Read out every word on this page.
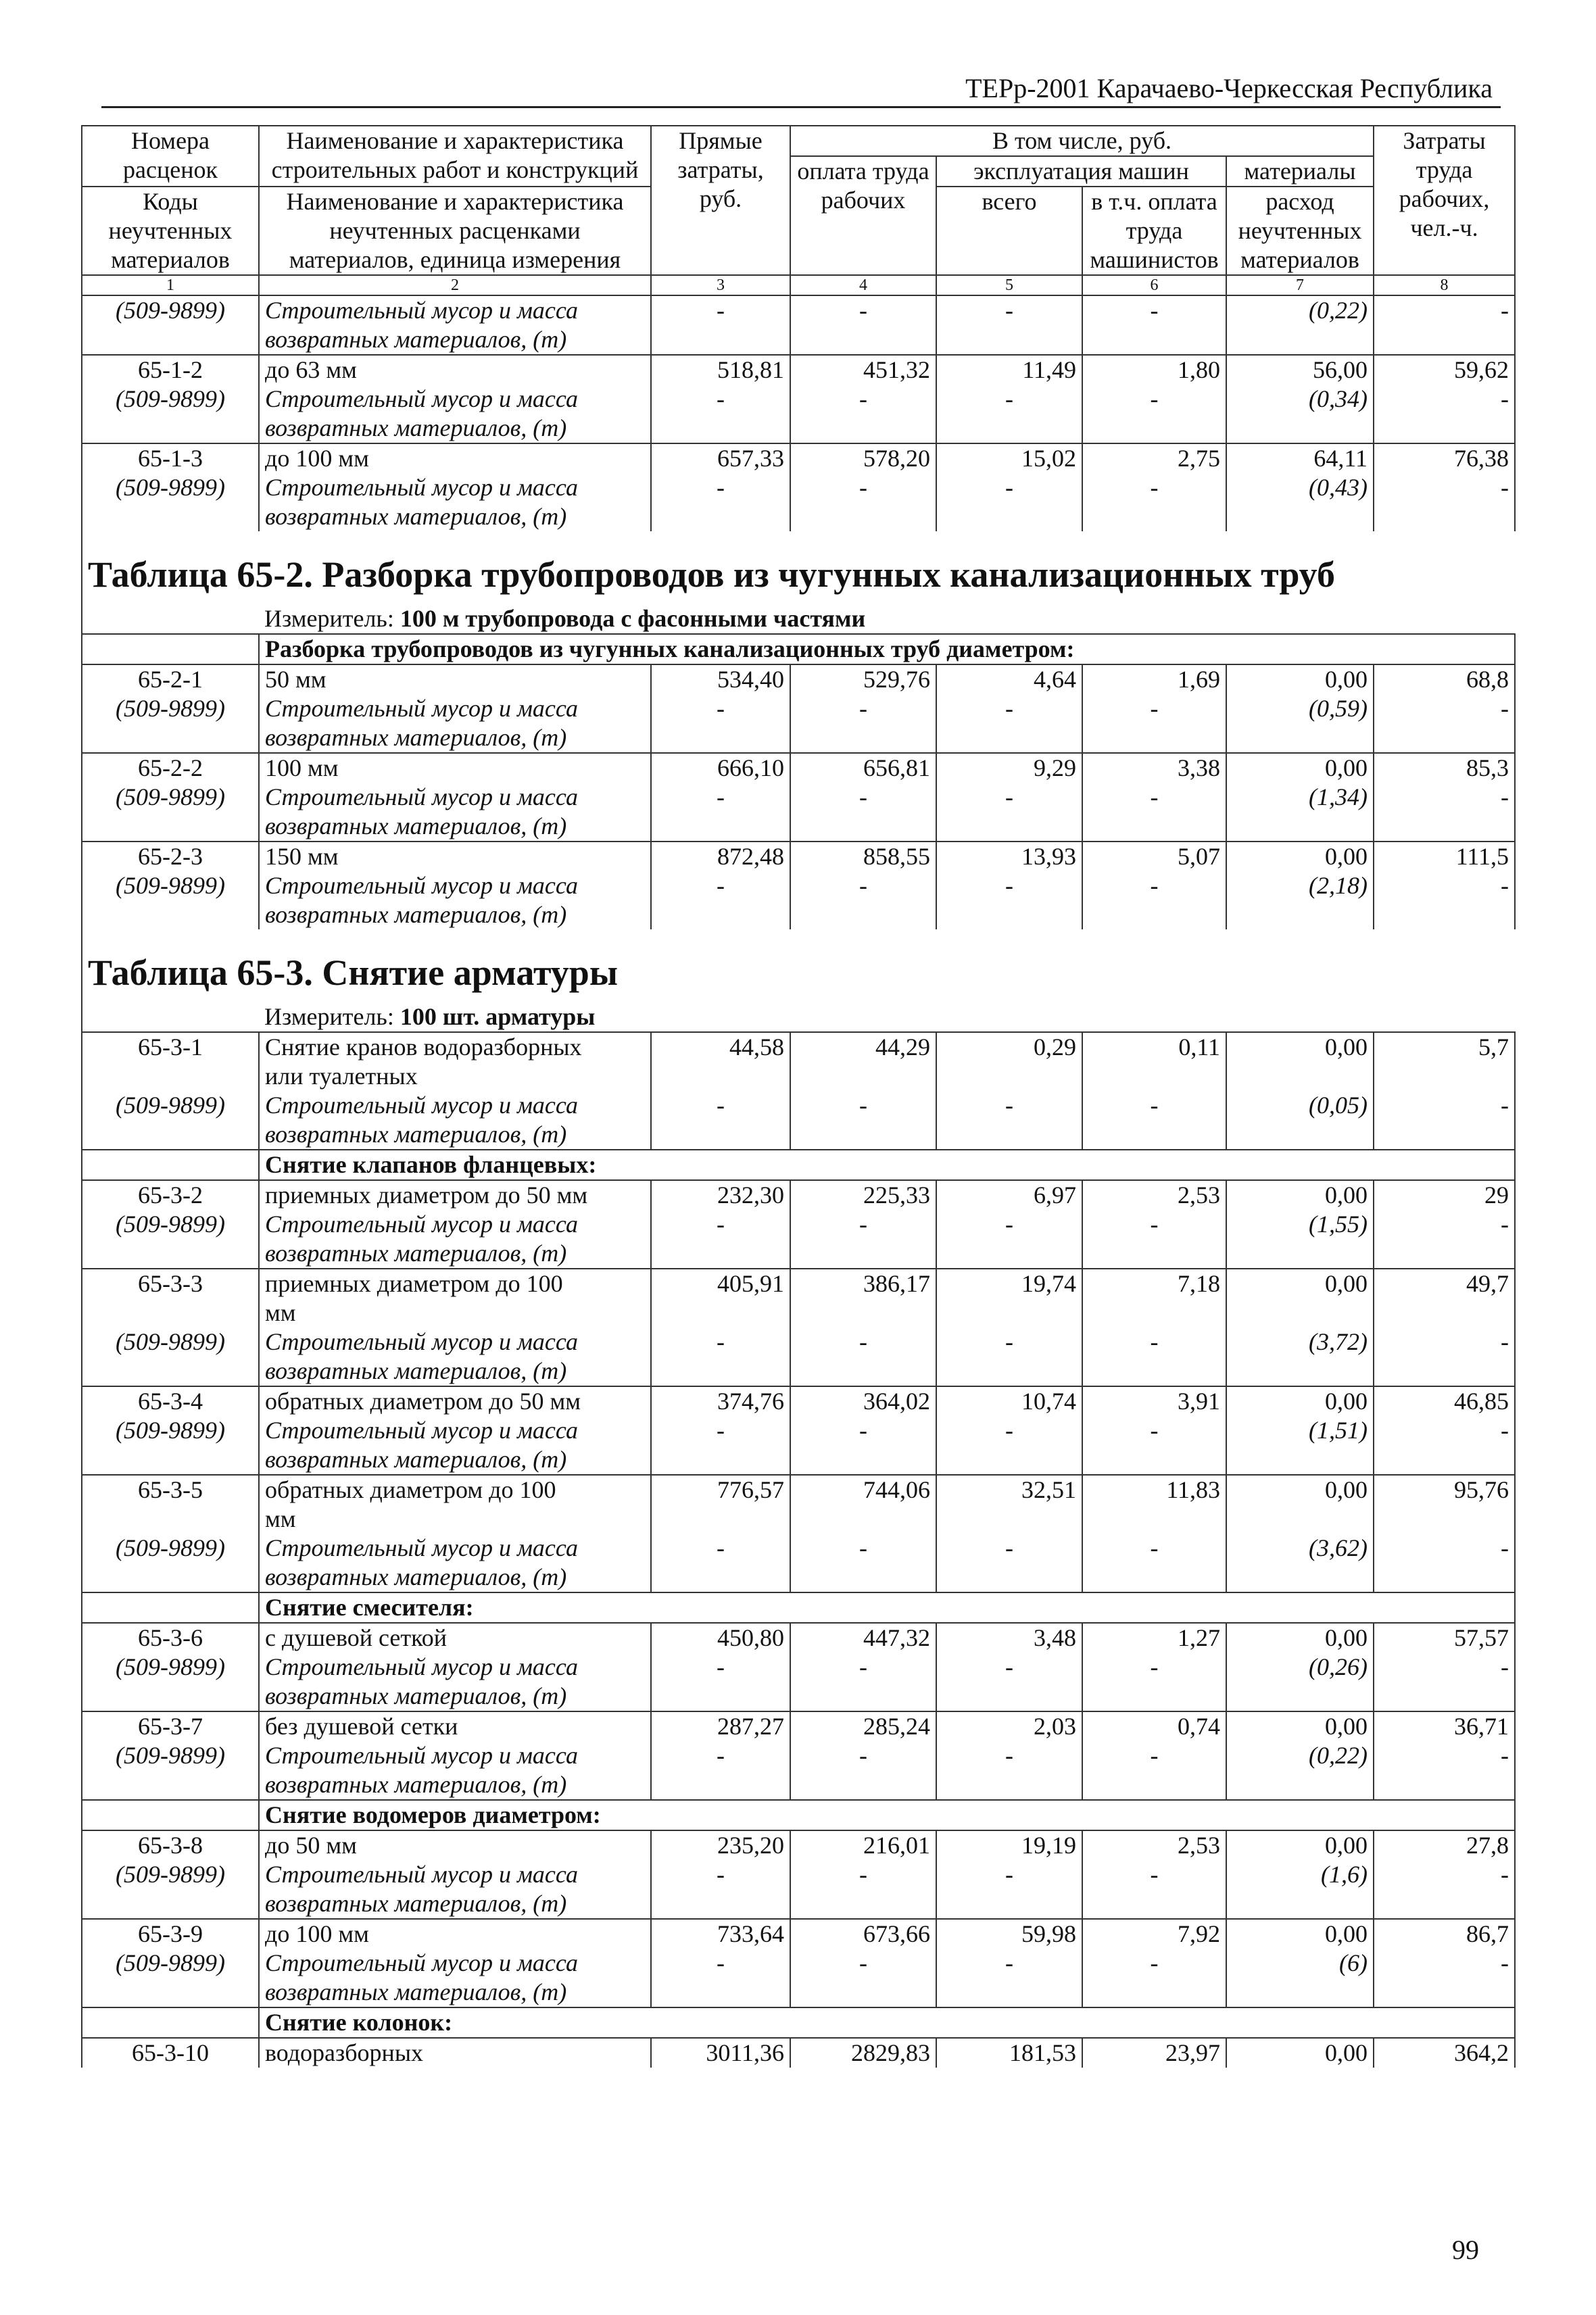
ТЕРр-2001 Карачаево-Черкесская Республика
Номера расценок	Наименование и характеристика строительных работ и конструкций	Прямые затраты, руб.	В том числе, руб.				Затраты труда рабочих, чел.-ч.
			оплата труда рабочих	эксплуатация машин		материалы	
Коды неучтенных материалов	Наименование и характеристика неучтенных расценками материалов, единица измерения			всего	в т.ч. оплата труда машинистов	расход неучтенных материалов	

1	2	3	4	5	6	7	8
(509-9899)	Строительный мусор и масса	-	-	-	-	(0,22)	-
	возвратных материалов, (т)						
65-1-2	до 63 мм	518,81	451,32	11,49	1,80	56,00	59,62
(509-9899)	Строительный мусор и масса	-	-	-	-	(0,34)	-
	возвратных материалов, (т)						
65-1-3	до 100 мм	657,33	578,20	15,02	2,75	64,11	76,38
(509-9899)	Строительный мусор и масса	-	-	-	-	(0,43)	-
	возвратных материалов, (т)						
Таблица 65-2. Разборка трубопроводов из чугунных канализационных труб							
	Измеритель: 100 м трубопровода с фасонными частями						
	Разборка трубопроводов из чугунных канализационных труб диаметром:						
65-2-1	50 мм	534,40	529,76	4,64	1,69	0,00	68,8
(509-9899)	Строительный мусор и масса	-	-	-	-	(0,59)	-
	возвратных материалов, (т)						
65-2-2	100 мм	666,10	656,81	9,29	3,38	0,00	85,3
(509-9899)	Строительный мусор и масса	-	-	-	-	(1,34)	-
	возвратных материалов, (т)						
65-2-3	150 мм	872,48	858,55	13,93	5,07	0,00	111,5
(509-9899)	Строительный мусор и масса	-	-	-	-	(2,18)	-
	возвратных материалов, (т)						
Таблица 65-3. Снятие арматуры							
	Измеритель: 100 шт. арматуры						
65-3-1	Снятие кранов водоразборных	44,58	44,29	0,29	0,11	0,00	5,7
	или туалетных						
(509-9899)	Строительный мусор и масса	-	-	-	-	(0,05)	-
	возвратных материалов, (т)						
	Снятие клапанов фланцевых:						
65-3-2	приемных диаметром до 50 мм	232,30	225,33	6,97	2,53	0,00	29
(509-9899)	Строительный мусор и масса	-	-	-	-	(1,55)	-
	возвратных материалов, (т)						
65-3-3	приемных диаметром до 100	405,91	386,17	19,74	7,18	0,00	49,7
	мм						
(509-9899)	Строительный мусор и масса	-	-	-	-	(3,72)	-
	возвратных материалов, (т)						
65-3-4	обратных диаметром до 50 мм	374,76	364,02	10,74	3,91	0,00	46,85
(509-9899)	Строительный мусор и масса	-	-	-	-	(1,51)	-
	возвратных материалов, (т)						
65-3-5	обратных диаметром до 100	776,57	744,06	32,51	11,83	0,00	95,76
	мм						
(509-9899)	Строительный мусор и масса	-	-	-	-	(3,62)	-
	возвратных материалов, (т)						
	Снятие смесителя:						
65-3-6	с душевой сеткой	450,80	447,32	3,48	1,27	0,00	57,57
(509-9899)	Строительный мусор и масса	-	-	-	-	(0,26)	-
	возвратных материалов, (т)						
65-3-7	без душевой сетки	287,27	285,24	2,03	0,74	0,00	36,71
(509-9899)	Строительный мусор и масса	-	-	-	-	(0,22)	-
	возвратных материалов, (т)						
	Снятие водомеров диаметром:						
65-3-8	до 50 мм	235,20	216,01	19,19	2,53	0,00	27,8
(509-9899)	Строительный мусор и масса	-	-	-	-	(1,6)	-
	возвратных материалов, (т)						
65-3-9	до 100 мм	733,64	673,66	59,98	7,92	0,00	86,7
(509-9899)	Строительный мусор и масса	-	-	-	-	(6)	-
	возвратных материалов, (т)						
	Снятие колонок:						
65-3-10	водоразборных	3011,36	2829,83	181,53	23,97	0,00	364,2
99
